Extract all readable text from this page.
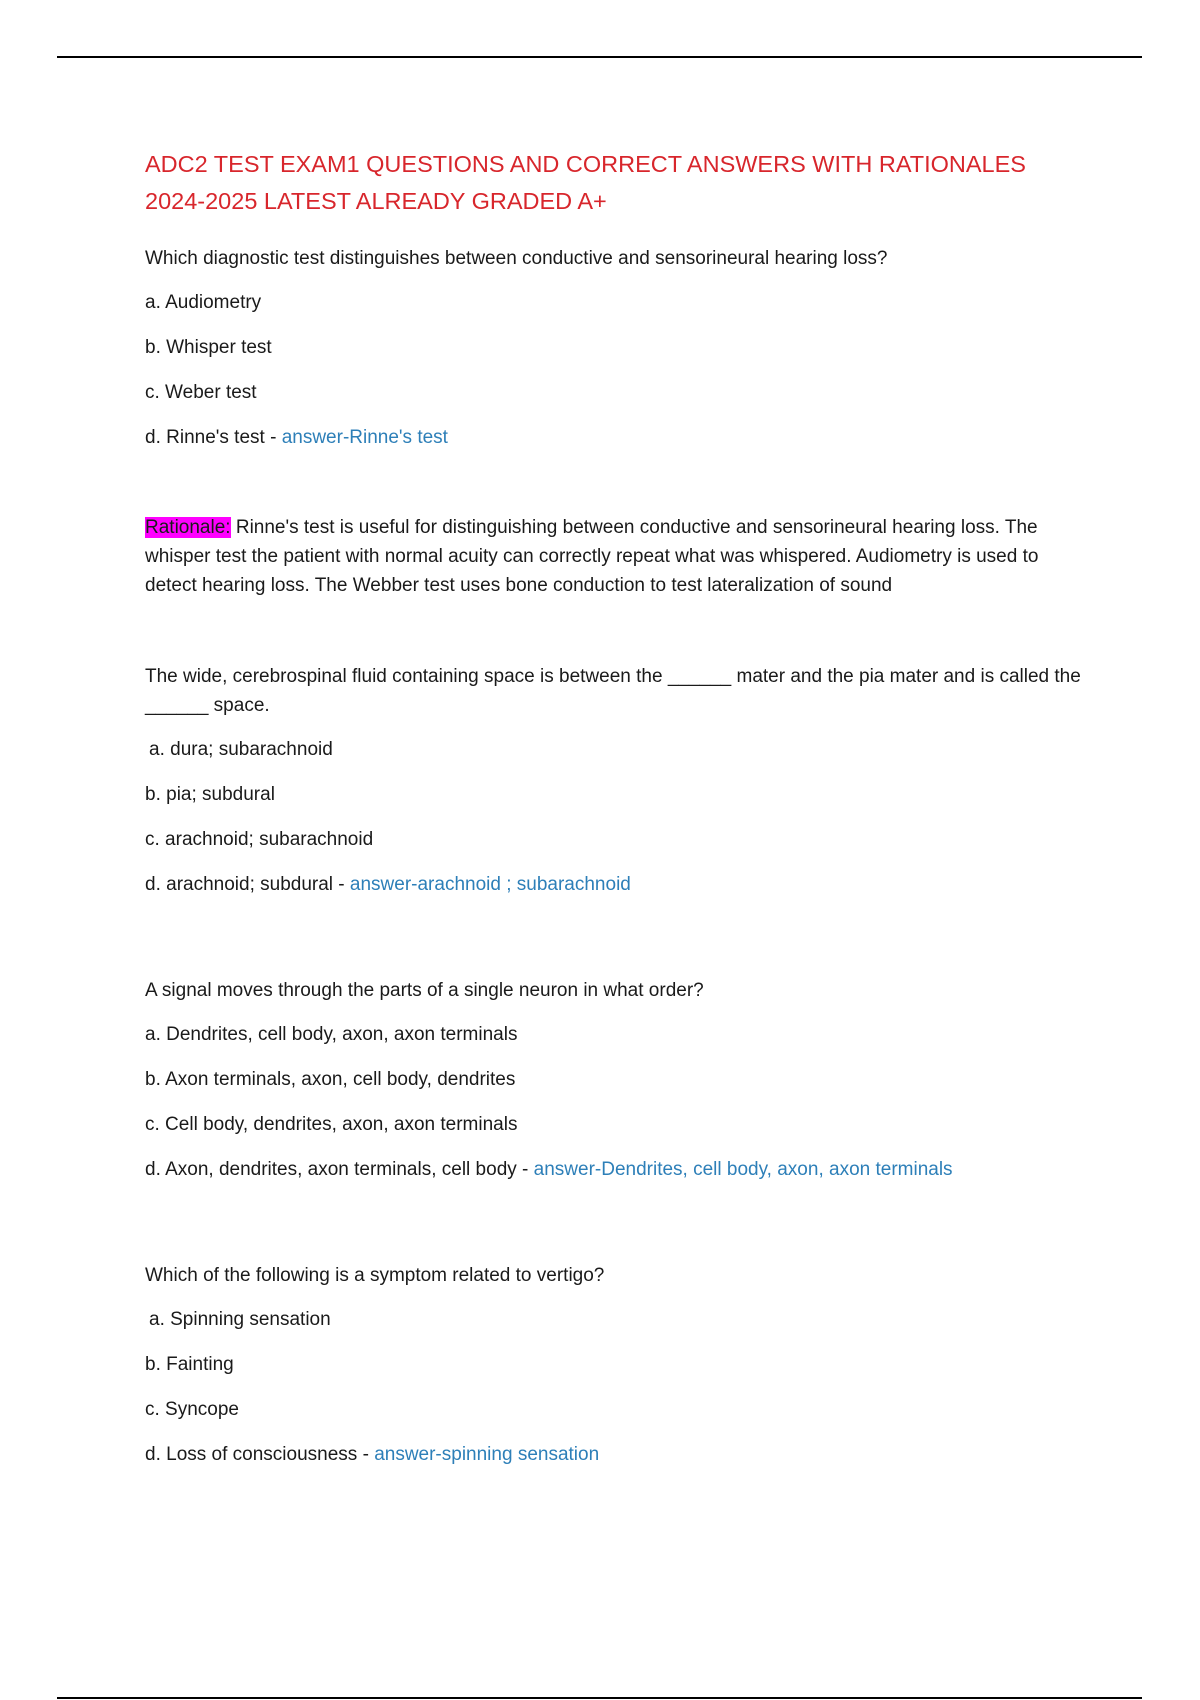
ADC2 TEST EXAM1 QUESTIONS AND CORRECT ANSWERS WITH RATIONALES 2024-2025 LATEST ALREADY GRADED A+

Which diagnostic test distinguishes between conductive and sensorineural hearing loss?

a. Audiometry

b. Whisper test

c. Weber test

d. Rinne's test - answer-Rinne's test

Rationale: Rinne's test is useful for distinguishing between conductive and sensorineural hearing loss. The whisper test the patient with normal acuity can correctly repeat what was whispered. Audiometry is used to detect hearing loss. The Webber test uses bone conduction to test lateralization of sound

The wide, cerebrospinal fluid containing space is between the ______ mater and the pia mater and is called the ______ space.

a. dura; subarachnoid

b. pia; subdural

c. arachnoid; subarachnoid

d. arachnoid; subdural - answer-arachnoid ; subarachnoid

A signal moves through the parts of a single neuron in what order?

a. Dendrites, cell body, axon, axon terminals

b. Axon terminals, axon, cell body, dendrites

c. Cell body, dendrites, axon, axon terminals

d. Axon, dendrites, axon terminals, cell body - answer-Dendrites, cell body, axon, axon terminals

Which of the following is a symptom related to vertigo?

a. Spinning sensation

b. Fainting

c. Syncope

d. Loss of consciousness - answer-spinning sensation
